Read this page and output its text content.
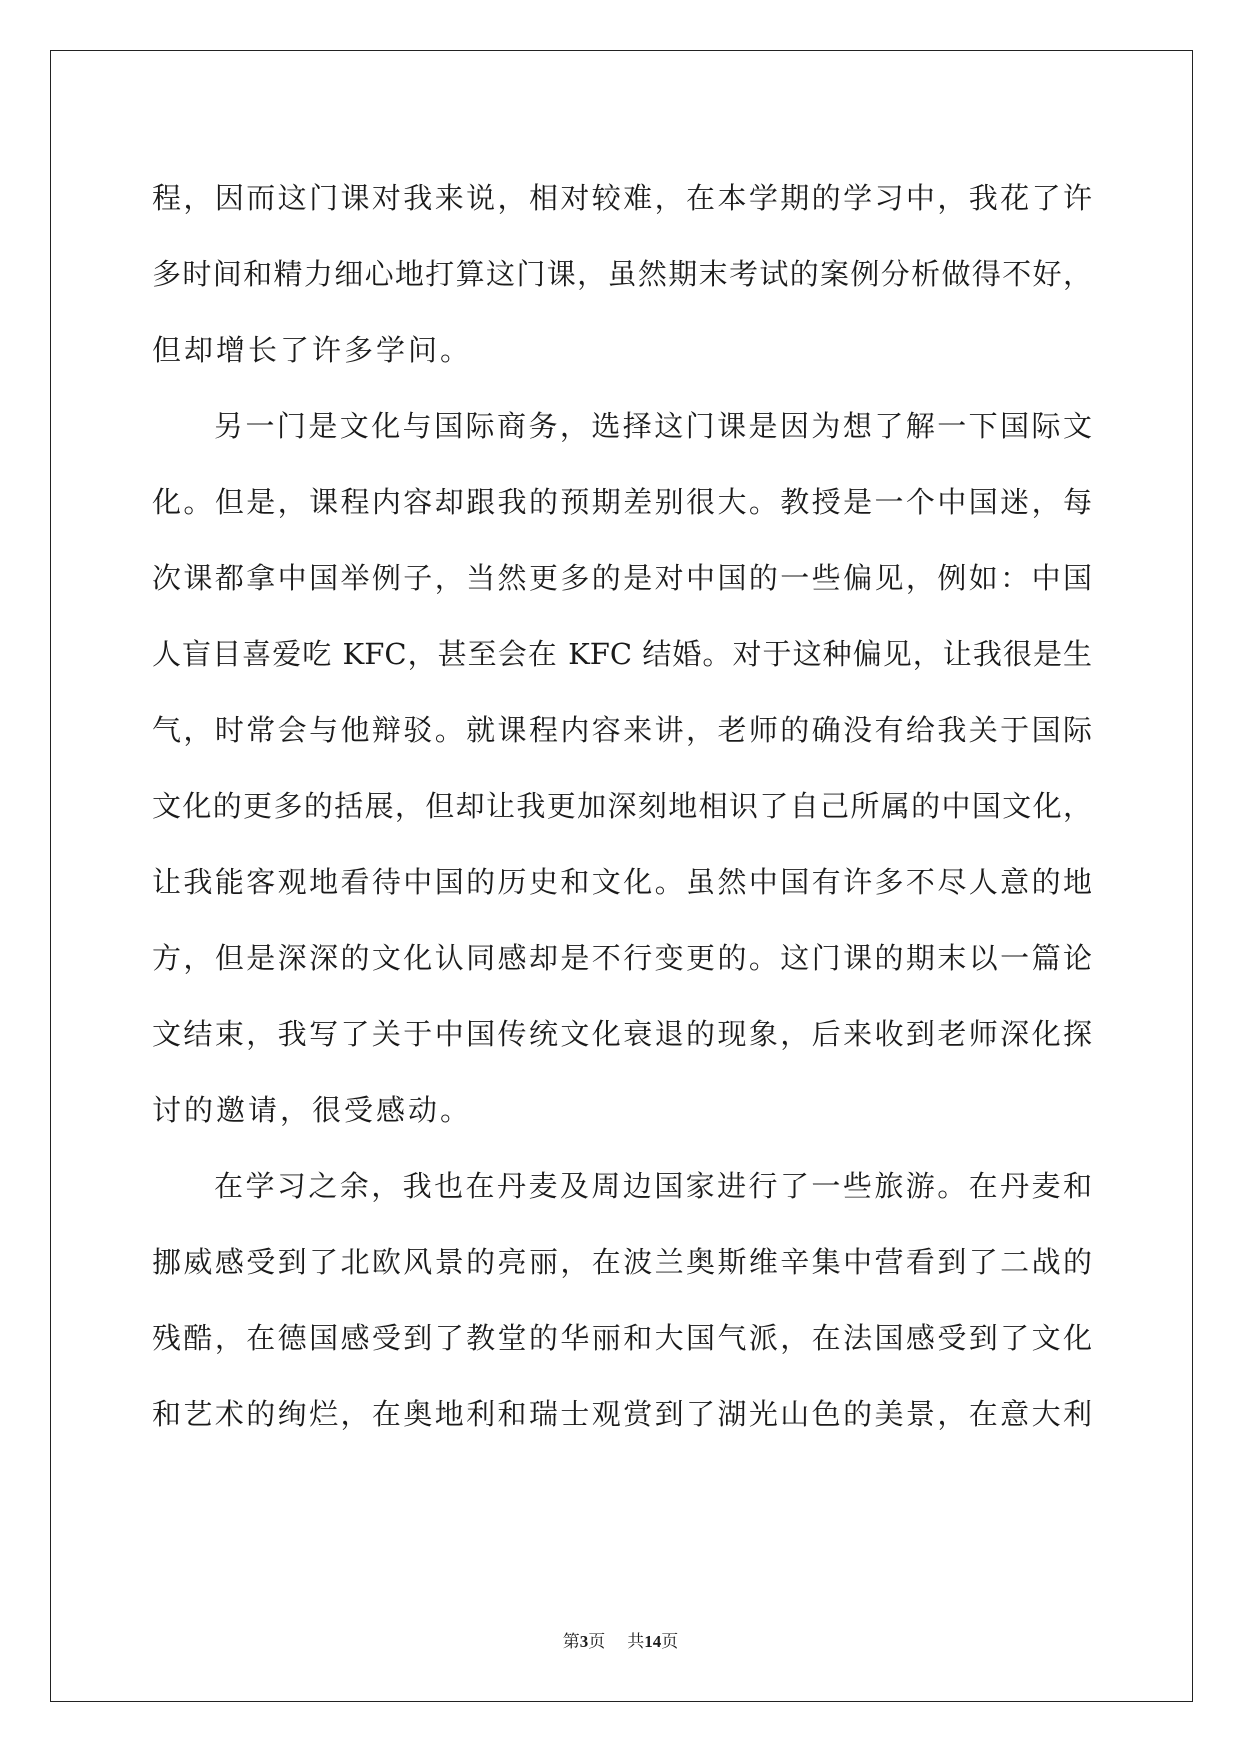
程，因而这门课对我来说，相对较难，在本学期的学习中，我花了许
多时间和精力细心地打算这门课，虽然期末考试的案例分析做得不好，
但却增长了许多学问。
另一门是文化与国际商务，选择这门课是因为想了解一下国际文
化。但是，课程内容却跟我的预期差别很大。教授是一个中国迷，每
次课都拿中国举例子，当然更多的是对中国的一些偏见，例如：中国
人盲目喜爱吃 KFC，甚至会在 KFC 结婚。对于这种偏见，让我很是生
气，时常会与他辩驳。就课程内容来讲，老师的确没有给我关于国际
文化的更多的括展，但却让我更加深刻地相识了自己所属的中国文化，
让我能客观地看待中国的历史和文化。虽然中国有许多不尽人意的地
方，但是深深的文化认同感却是不行变更的。这门课的期末以一篇论
文结束，我写了关于中国传统文化衰退的现象，后来收到老师深化探
讨的邀请，很受感动。
在学习之余，我也在丹麦及周边国家进行了一些旅游。在丹麦和
挪威感受到了北欧风景的亮丽，在波兰奥斯维辛集中营看到了二战的
残酷，在德国感受到了教堂的华丽和大国气派，在法国感受到了文化
和艺术的绚烂，在奥地利和瑞士观赏到了湖光山色的美景，在意大利
第3页 共14页
